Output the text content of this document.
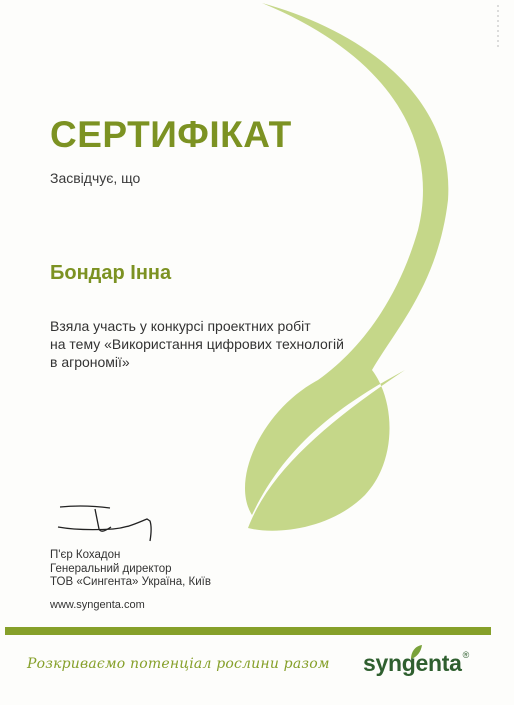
СЕРТИФІКАТ
Засвідчує, що
Бондар Інна
Взяла участь у конкурсі проектних робіт
на тему «Використання цифрових технологій
в агрономії»
П'єр Кохадон
Генеральний директор
ТОВ «Сингента» Україна, Київ
www.syngenta.com
Розкриваємо потенціал рослини разом syngenta®
